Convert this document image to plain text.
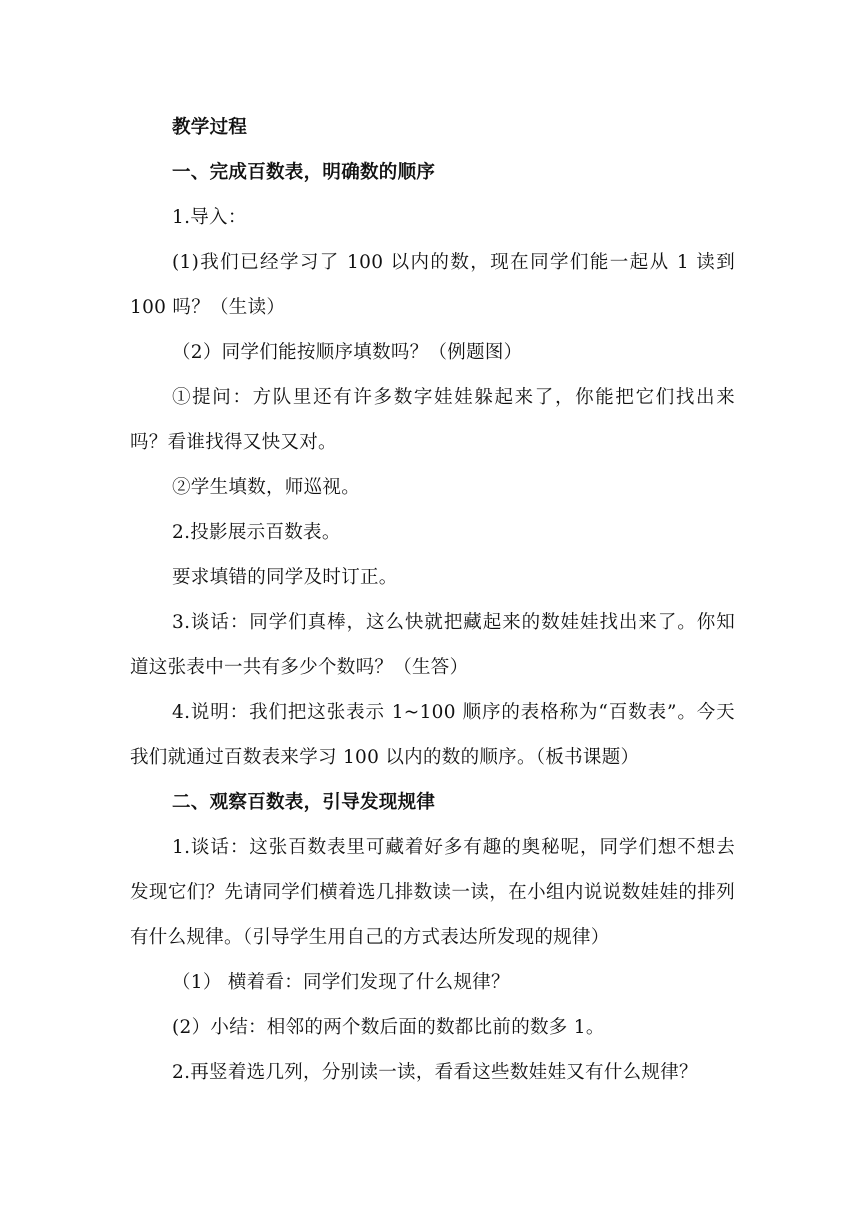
教学过程

一、完成百数表，明确数的顺序

1.导入：

(1)我们已经学习了 100 以内的数，现在同学们能一起从 1 读到 100 吗？（生读）

（2）同学们能按顺序填数吗？（例题图）

①提问：方队里还有许多数字娃娃躲起来了，你能把它们找出来吗？看谁找得又快又对。

②学生填数，师巡视。

2.投影展示百数表。

要求填错的同学及时订正。

3.谈话：同学们真棒，这么快就把藏起来的数娃娃找出来了。你知道这张表中一共有多少个数吗？（生答）

4.说明：我们把这张表示 1~100 顺序的表格称为“百数表”。今天我们就通过百数表来学习 100 以内的数的顺序。（板书课题）

二、观察百数表，引导发现规律

1.谈话：这张百数表里可藏着好多有趣的奥秘呢，同学们想不想去发现它们？先请同学们横着选几排数读一读，在小组内说说数娃娃的排列有什么规律。（引导学生用自己的方式表达所发现的规律）

（1） 横着看：同学们发现了什么规律？

(2）小结：相邻的两个数后面的数都比前的数多 1。

2.再竖着选几列，分别读一读，看看这些数娃娃又有什么规律？
